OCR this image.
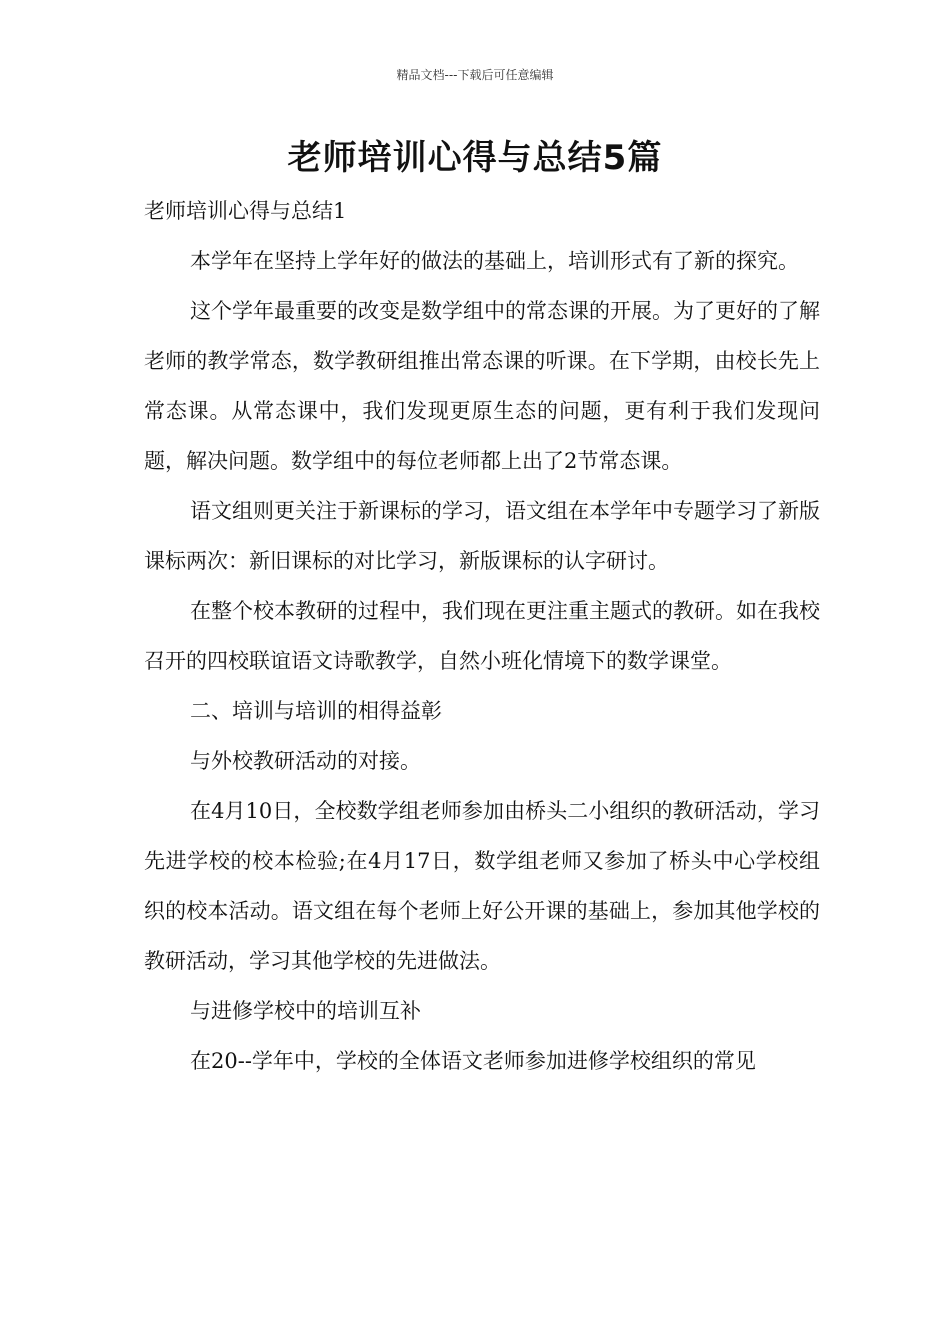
精品文档---下载后可任意编辑
老师培训心得与总结5篇

老师培训心得与总结1

本学年在坚持上学年好的做法的基础上，培训形式有了新的探究。

这个学年最重要的改变是数学组中的常态课的开展。为了更好的了解老师的教学常态，数学教研组推出常态课的听课。在下学期，由校长先上常态课。从常态课中，我们发现更原生态的问题，更有利于我们发现问题，解决问题。数学组中的每位老师都上出了2节常态课。

语文组则更关注于新课标的学习，语文组在本学年中专题学习了新版课标两次：新旧课标的对比学习，新版课标的认字研讨。

在整个校本教研的过程中，我们现在更注重主题式的教研。如在我校召开的四校联谊语文诗歌教学，自然小班化情境下的数学课堂。

二、培训与培训的相得益彰

与外校教研活动的对接。

在4月10日，全校数学组老师参加由桥头二小组织的教研活动，学习先进学校的校本检验;在4月17日，数学组老师又参加了桥头中心学校组织的校本活动。语文组在每个老师上好公开课的基础上，参加其他学校的教研活动，学习其他学校的先进做法。

与进修学校中的培训互补

在20--学年中，学校的全体语文老师参加进修学校组织的常见
